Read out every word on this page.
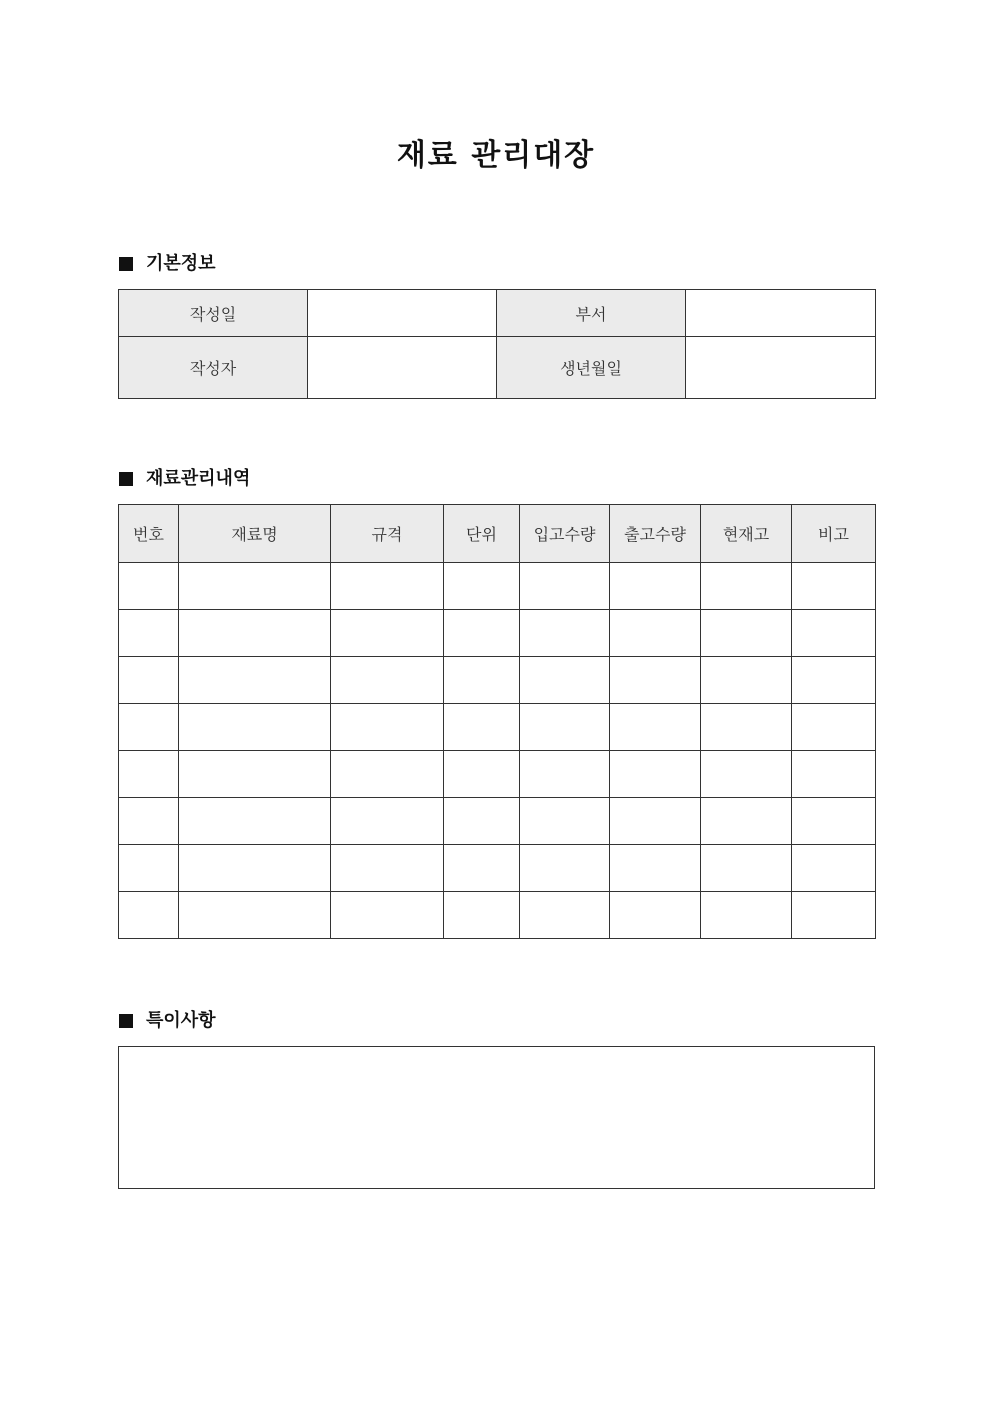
재료 관리대장
기본정보
작성일		부서	
작성자		생년월일	
재료관리내역
번호	재료명	규격	단위	입고수량	출고수량	현재고	비고

특이사항
